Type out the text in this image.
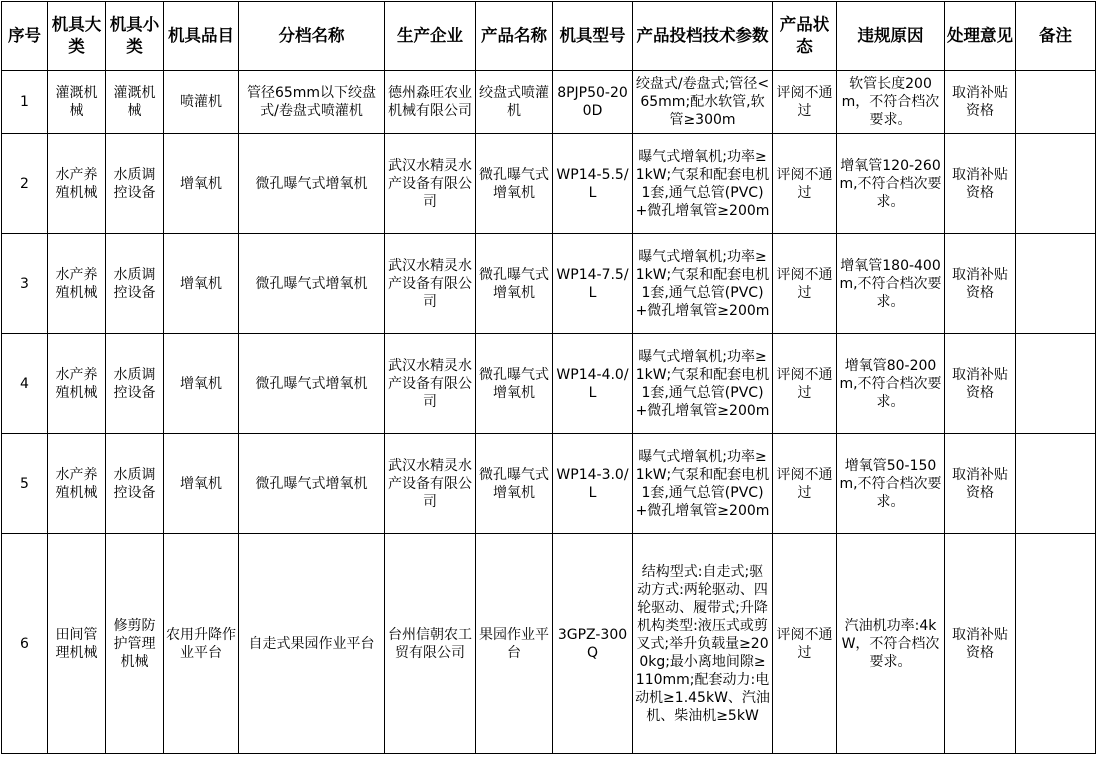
序号	机具大类	机具小类	机具品目	分档名称	生产企业	产品名称	机具型号	产品投档技术参数	产品状态	违规原因	处理意见	备注
1	灌溉机械	灌溉机械	喷灌机	管径65mm以下绞盘式/卷盘式喷灌机	德州淼旺农业机械有限公司	绞盘式喷灌机	8PJP50-200D	绞盘式/卷盘式;管径<65mm;配水软管,软管≥300m	评阅不通过	软管长度200m，不符合档次要求。	取消补贴资格	
2	水产养殖机械	水质调控设备	增氧机	微孔曝气式增氧机	武汉水精灵水产设备有限公司	微孔曝气式增氧机	WP14-5.5/L	曝气式增氧机;功率≥1kW;气泵和配套电机1套,通气总管(PVC)+微孔增氧管≥200m	评阅不通过	增氧管120-260m,不符合档次要求。	取消补贴资格	
3	水产养殖机械	水质调控设备	增氧机	微孔曝气式增氧机	武汉水精灵水产设备有限公司	微孔曝气式增氧机	WP14-7.5/L	曝气式增氧机;功率≥1kW;气泵和配套电机1套,通气总管(PVC)+微孔增氧管≥200m	评阅不通过	增氧管180-400m,不符合档次要求。	取消补贴资格	
4	水产养殖机械	水质调控设备	增氧机	微孔曝气式增氧机	武汉水精灵水产设备有限公司	微孔曝气式增氧机	WP14-4.0/L	曝气式增氧机;功率≥1kW;气泵和配套电机1套,通气总管(PVC)+微孔增氧管≥200m	评阅不通过	增氧管80-200m,不符合档次要求。	取消补贴资格	
5	水产养殖机械	水质调控设备	增氧机	微孔曝气式增氧机	武汉水精灵水产设备有限公司	微孔曝气式增氧机	WP14-3.0/L	曝气式增氧机;功率≥1kW;气泵和配套电机1套,通气总管(PVC)+微孔增氧管≥200m	评阅不通过	增氧管50-150m,不符合档次要求。	取消补贴资格	
6	田间管理机械	修剪防护管理机械	农用升降作业平台	自走式果园作业平台	台州信朝农工贸有限公司	果园作业平台	3GPZ-300Q	结构型式:自走式;驱动方式:两轮驱动、四轮驱动、履带式;升降机构类型:液压式或剪叉式;举升负载量≥200kg;最小离地间隙≥110mm;配套动力:电动机≥1.45kW、汽油机、柴油机≥5kW	评阅不通过	汽油机功率:4kW，不符合档次要求。	取消补贴资格	
